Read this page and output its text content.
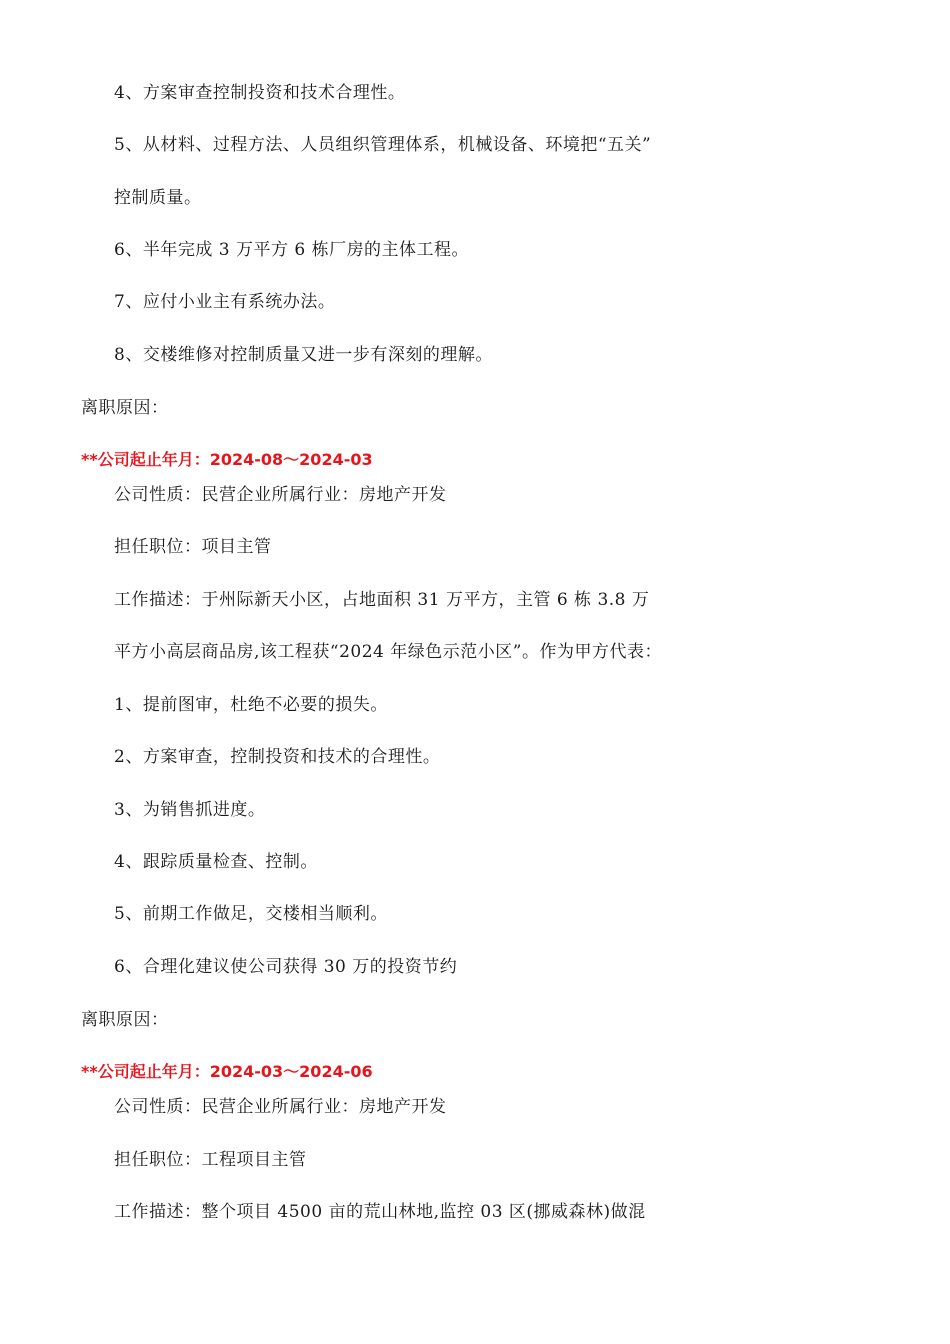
4、方案审查控制投资和技术合理性。
5、从材料、过程方法、人员组织管理体系，机械设备、环境把“五关”
控制质量。
6、半年完成 3 万平方 6 栋厂房的主体工程。
7、应付小业主有系统办法。
8、交楼维修对控制质量又进一步有深刻的理解。
离职原因：
**公司起止年月：2024-08～2024-03
公司性质：民营企业所属行业：房地产开发
担任职位：项目主管
工作描述：于州际新天小区，占地面积 31 万平方，主管 6 栋 3.8 万
平方小高层商品房,该工程获“2024 年绿色示范小区”。作为甲方代表：
1、提前图审，杜绝不必要的损失。
2、方案审查，控制投资和技术的合理性。
3、为销售抓进度。
4、跟踪质量检查、控制。
5、前期工作做足，交楼相当顺利。
6、合理化建议使公司获得 30 万的投资节约
离职原因：
**公司起止年月：2024-03～2024-06
公司性质：民营企业所属行业：房地产开发
担任职位：工程项目主管
工作描述：整个项目 4500 亩的荒山林地,监控 03 区(挪威森林)做混
